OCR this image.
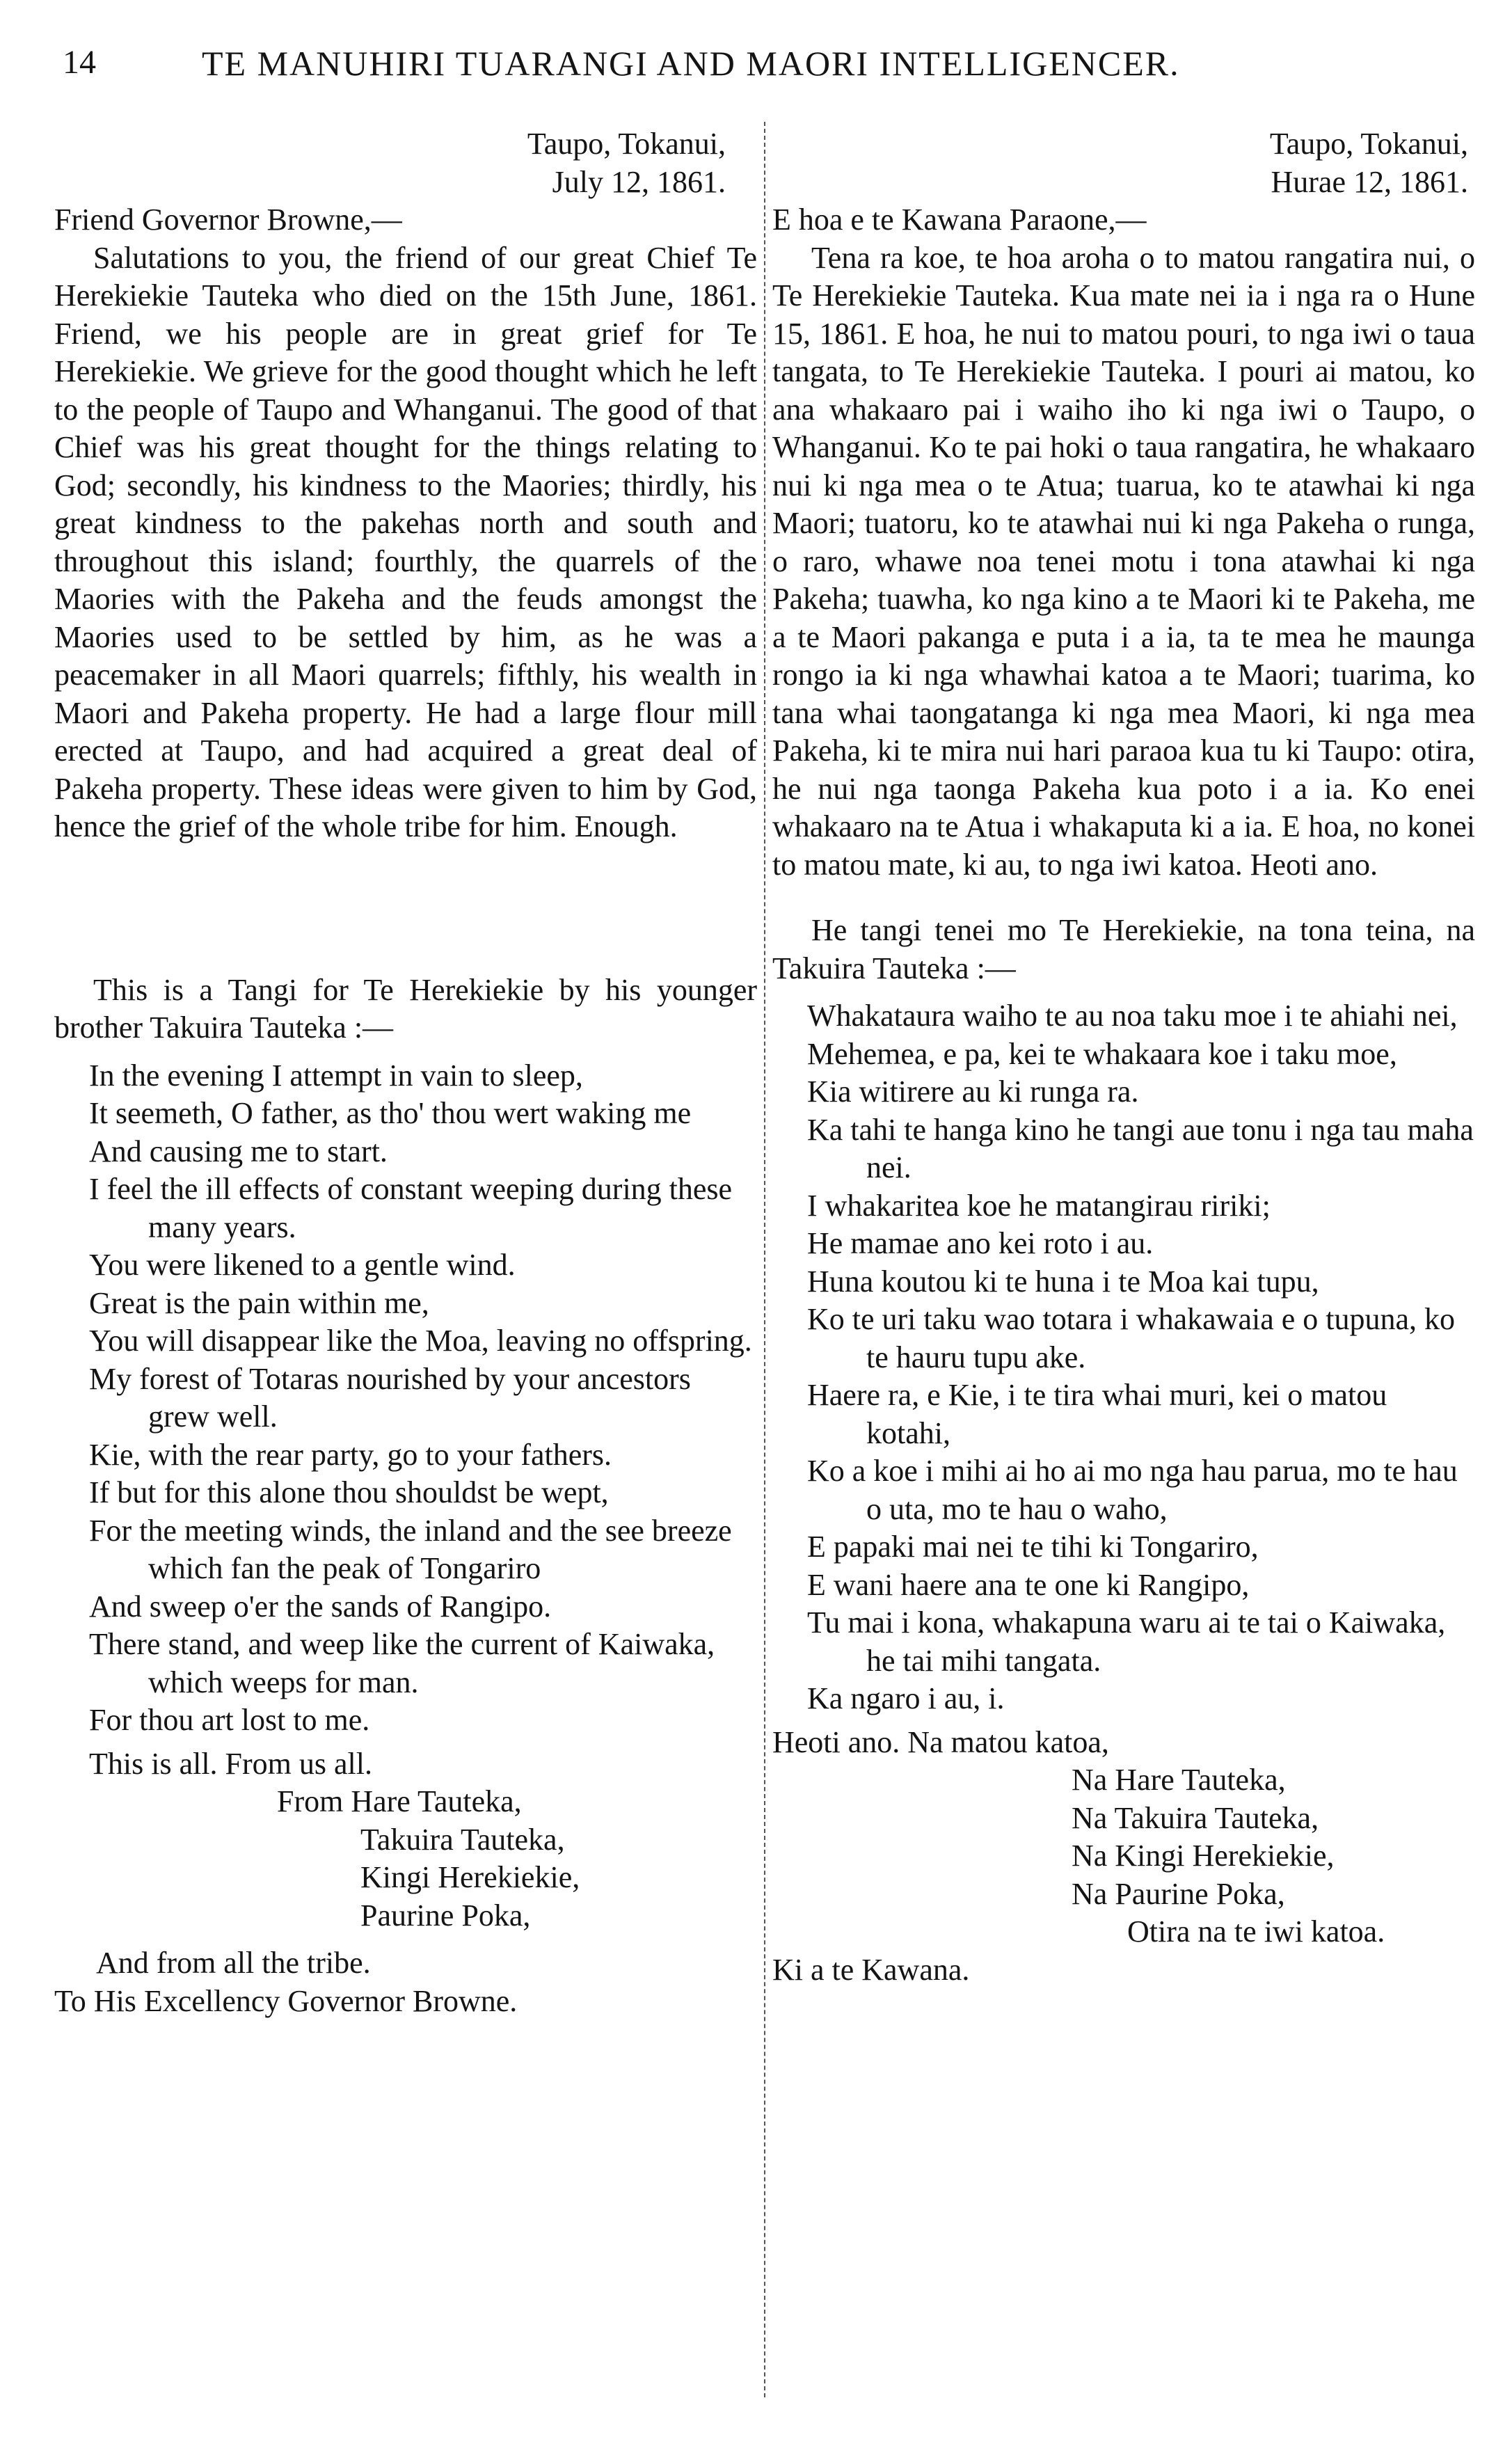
14	TE MANUHIRI TUARANGI AND MAORI INTELLIGENCER.
Taupo, Tokanui,
July 12, 1861.

Friend Governor Browne,—

Salutations to you, the friend of our great Chief Te Herekiekie Tauteka who died on the 15th June, 1861. Friend, we his people are in great grief for Te Herekiekie. We grieve for the good thought which he left to the people of Taupo and Whanganui. The good of that Chief was his great thought for the things relating to God; secondly, his kindness to the Maories; thirdly, his great kindness to the pakehas north and south and throughout this island; fourthly, the quarrels of the Maories with the Pakeha and the feuds amongst the Maories used to be settled by him, as he was a peacemaker in all Maori quarrels; fifthly, his wealth in Maori and Pakeha property. He had a large flour mill erected at Taupo, and had acquired a great deal of Pakeha property. These ideas were given to him by God, hence the grief of the whole tribe for him. Enough.

This is a Tangi for Te Herekiekie by his younger brother Takuira Tauteka :—

In the evening I attempt in vain to sleep,

It seemeth, O father, as tho' thou wert waking me

And causing me to start.

I feel the ill effects of constant weeping during these many years.

You were likened to a gentle wind.

Great is the pain within me,

You will disappear like the Moa, leaving no offspring.

My forest of Totaras nourished by your ancestors grew well.

Kie, with the rear party, go to your fathers.

If but for this alone thou shouldst be wept,

For the meeting winds, the inland and the see breeze which fan the peak of Tongariro

And sweep o'er the sands of Rangipo.

There stand, and weep like the current of Kaiwaka, which weeps for man.

For thou art lost to me.

This is all. From us all.

From Hare Tauteka,

Takuira Tauteka,

Kingi Herekiekie,

Paurine Poka,

And from all the tribe.

To His Excellency Governor Browne.

Taupo, Tokanui,
Hurae 12, 1861.

E hoa e te Kawana Paraone,—

Tena ra koe, te hoa aroha o to matou rangatira nui, o Te Herekiekie Tauteka. Kua mate nei ia i nga ra o Hune 15, 1861. E hoa, he nui to matou pouri, to nga iwi o taua tangata, to Te Herekiekie Tauteka. I pouri ai matou, ko ana whakaaro pai i waiho iho ki nga iwi o Taupo, o Whanganui. Ko te pai hoki o taua rangatira, he whakaaro nui ki nga mea o te Atua; tuarua, ko te atawhai ki nga Maori; tuatoru, ko te atawhai nui ki nga Pakeha o runga, o raro, whawe noa tenei motu i tona atawhai ki nga Pakeha; tuawha, ko nga kino a te Maori ki te Pakeha, me a te Maori pakanga e puta i a ia, ta te mea he maunga rongo ia ki nga whawhai katoa a te Maori; tuarima, ko tana whai taongatanga ki nga mea Maori, ki nga mea Pakeha, ki te mira nui hari paraoa kua tu ki Taupo: otira, he nui nga taonga Pakeha kua poto i a ia. Ko enei whakaaro na te Atua i whakaputa ki a ia. E hoa, no konei to matou mate, ki au, to nga iwi katoa. Heoti ano.

He tangi tenei mo Te Herekiekie, na tona teina, na Takuira Tauteka :—

Whakataura waiho te au noa taku moe i te ahiahi nei,

Mehemea, e pa, kei te whakaara koe i taku moe,

Kia witirere au ki runga ra.

Ka tahi te hanga kino he tangi aue tonu i nga tau maha nei.

I whakaritea koe he matangirau ririki;

He mamae ano kei roto i au.

Huna koutou ki te huna i te Moa kai tupu,

Ko te uri taku wao totara i whakawaia e o tupuna, ko te hauru tupu ake.

Haere ra, e Kie, i te tira whai muri, kei o matou kotahi,

Ko a koe i mihi ai ho ai mo nga hau parua, mo te hau o uta, mo te hau o waho,

E papaki mai nei te tihi ki Tongariro,

E wani haere ana te one ki Rangipo,

Tu mai i kona, whakapuna waru ai te tai o Kaiwaka, he tai mihi tangata.

Ka ngaro i au, i.

Heoti ano. Na matou katoa,

Na Hare Tauteka,

Na Takuira Tauteka,

Na Kingi Herekiekie,

Na Paurine Poka,

Otira na te iwi katoa.

Ki a te Kawana.
